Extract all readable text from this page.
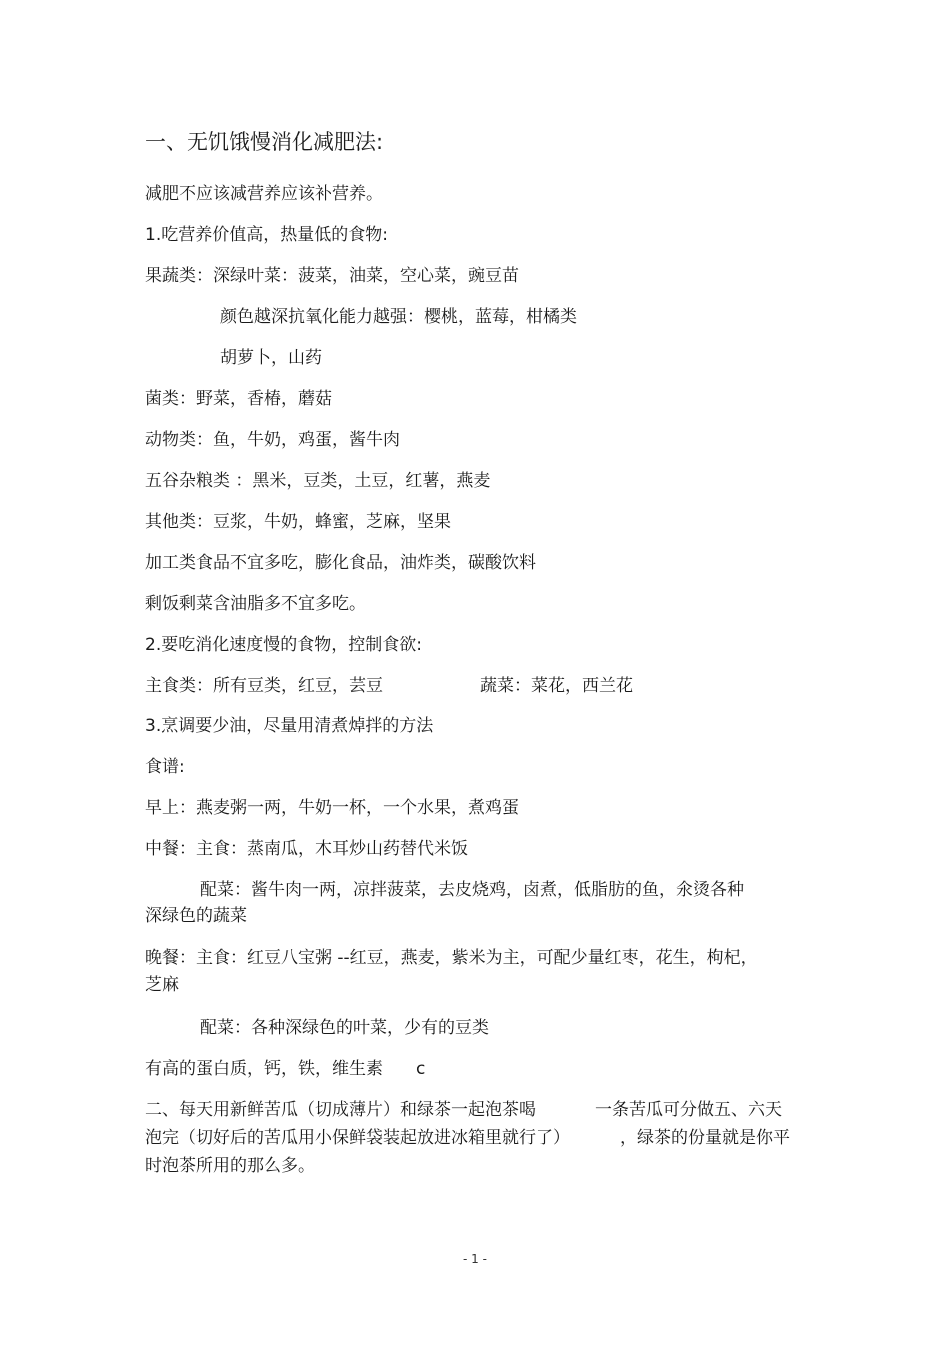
一、无饥饿慢消化减肥法:
减肥不应该减营养应该补营养。
1.吃营养价值高，热量低的食物:
果蔬类：深绿叶菜：菠菜，油菜，空心菜，豌豆苗
颜色越深抗氧化能力越强：樱桃，蓝莓，柑橘类
胡萝卜，山药
菌类：野菜，香椿，蘑菇
动物类：鱼，牛奶，鸡蛋，酱牛肉
五谷杂粮类 ：黑米，豆类，土豆，红薯，燕麦
其他类：豆浆，牛奶，蜂蜜，芝麻，坚果
加工类食品不宜多吃，膨化食品，油炸类，碳酸饮料
剩饭剩菜含油脂多不宜多吃。
2.要吃消化速度慢的食物，控制食欲:
主食类：所有豆类，红豆，芸豆	蔬菜：菜花，西兰花
3.烹调要少油，尽量用清煮焯拌的方法
食谱:
早上：燕麦粥一两，牛奶一杯，一个水果，煮鸡蛋
中餐：主食：蒸南瓜，木耳炒山药替代米饭
配菜：酱牛肉一两，凉拌菠菜，去皮烧鸡，卤煮，低脂肪的鱼，氽烫各种
深绿色的蔬菜
晚餐：主食：红豆八宝粥 --红豆，燕麦，紫米为主，可配少量红枣，花生，枸杞，
芝麻
配菜：各种深绿色的叶菜，少有的豆类
有高的蛋白质，钙，铁，维生素 c
二、每天用新鲜苦瓜（切成薄片）和绿茶一起泡茶喝	一条苦瓜可分做五、六天
泡完（切好后的苦瓜用小保鲜袋装起放进冰箱里就行了）	，绿茶的份量就是你平
时泡茶所用的那么多。
- 1 -
